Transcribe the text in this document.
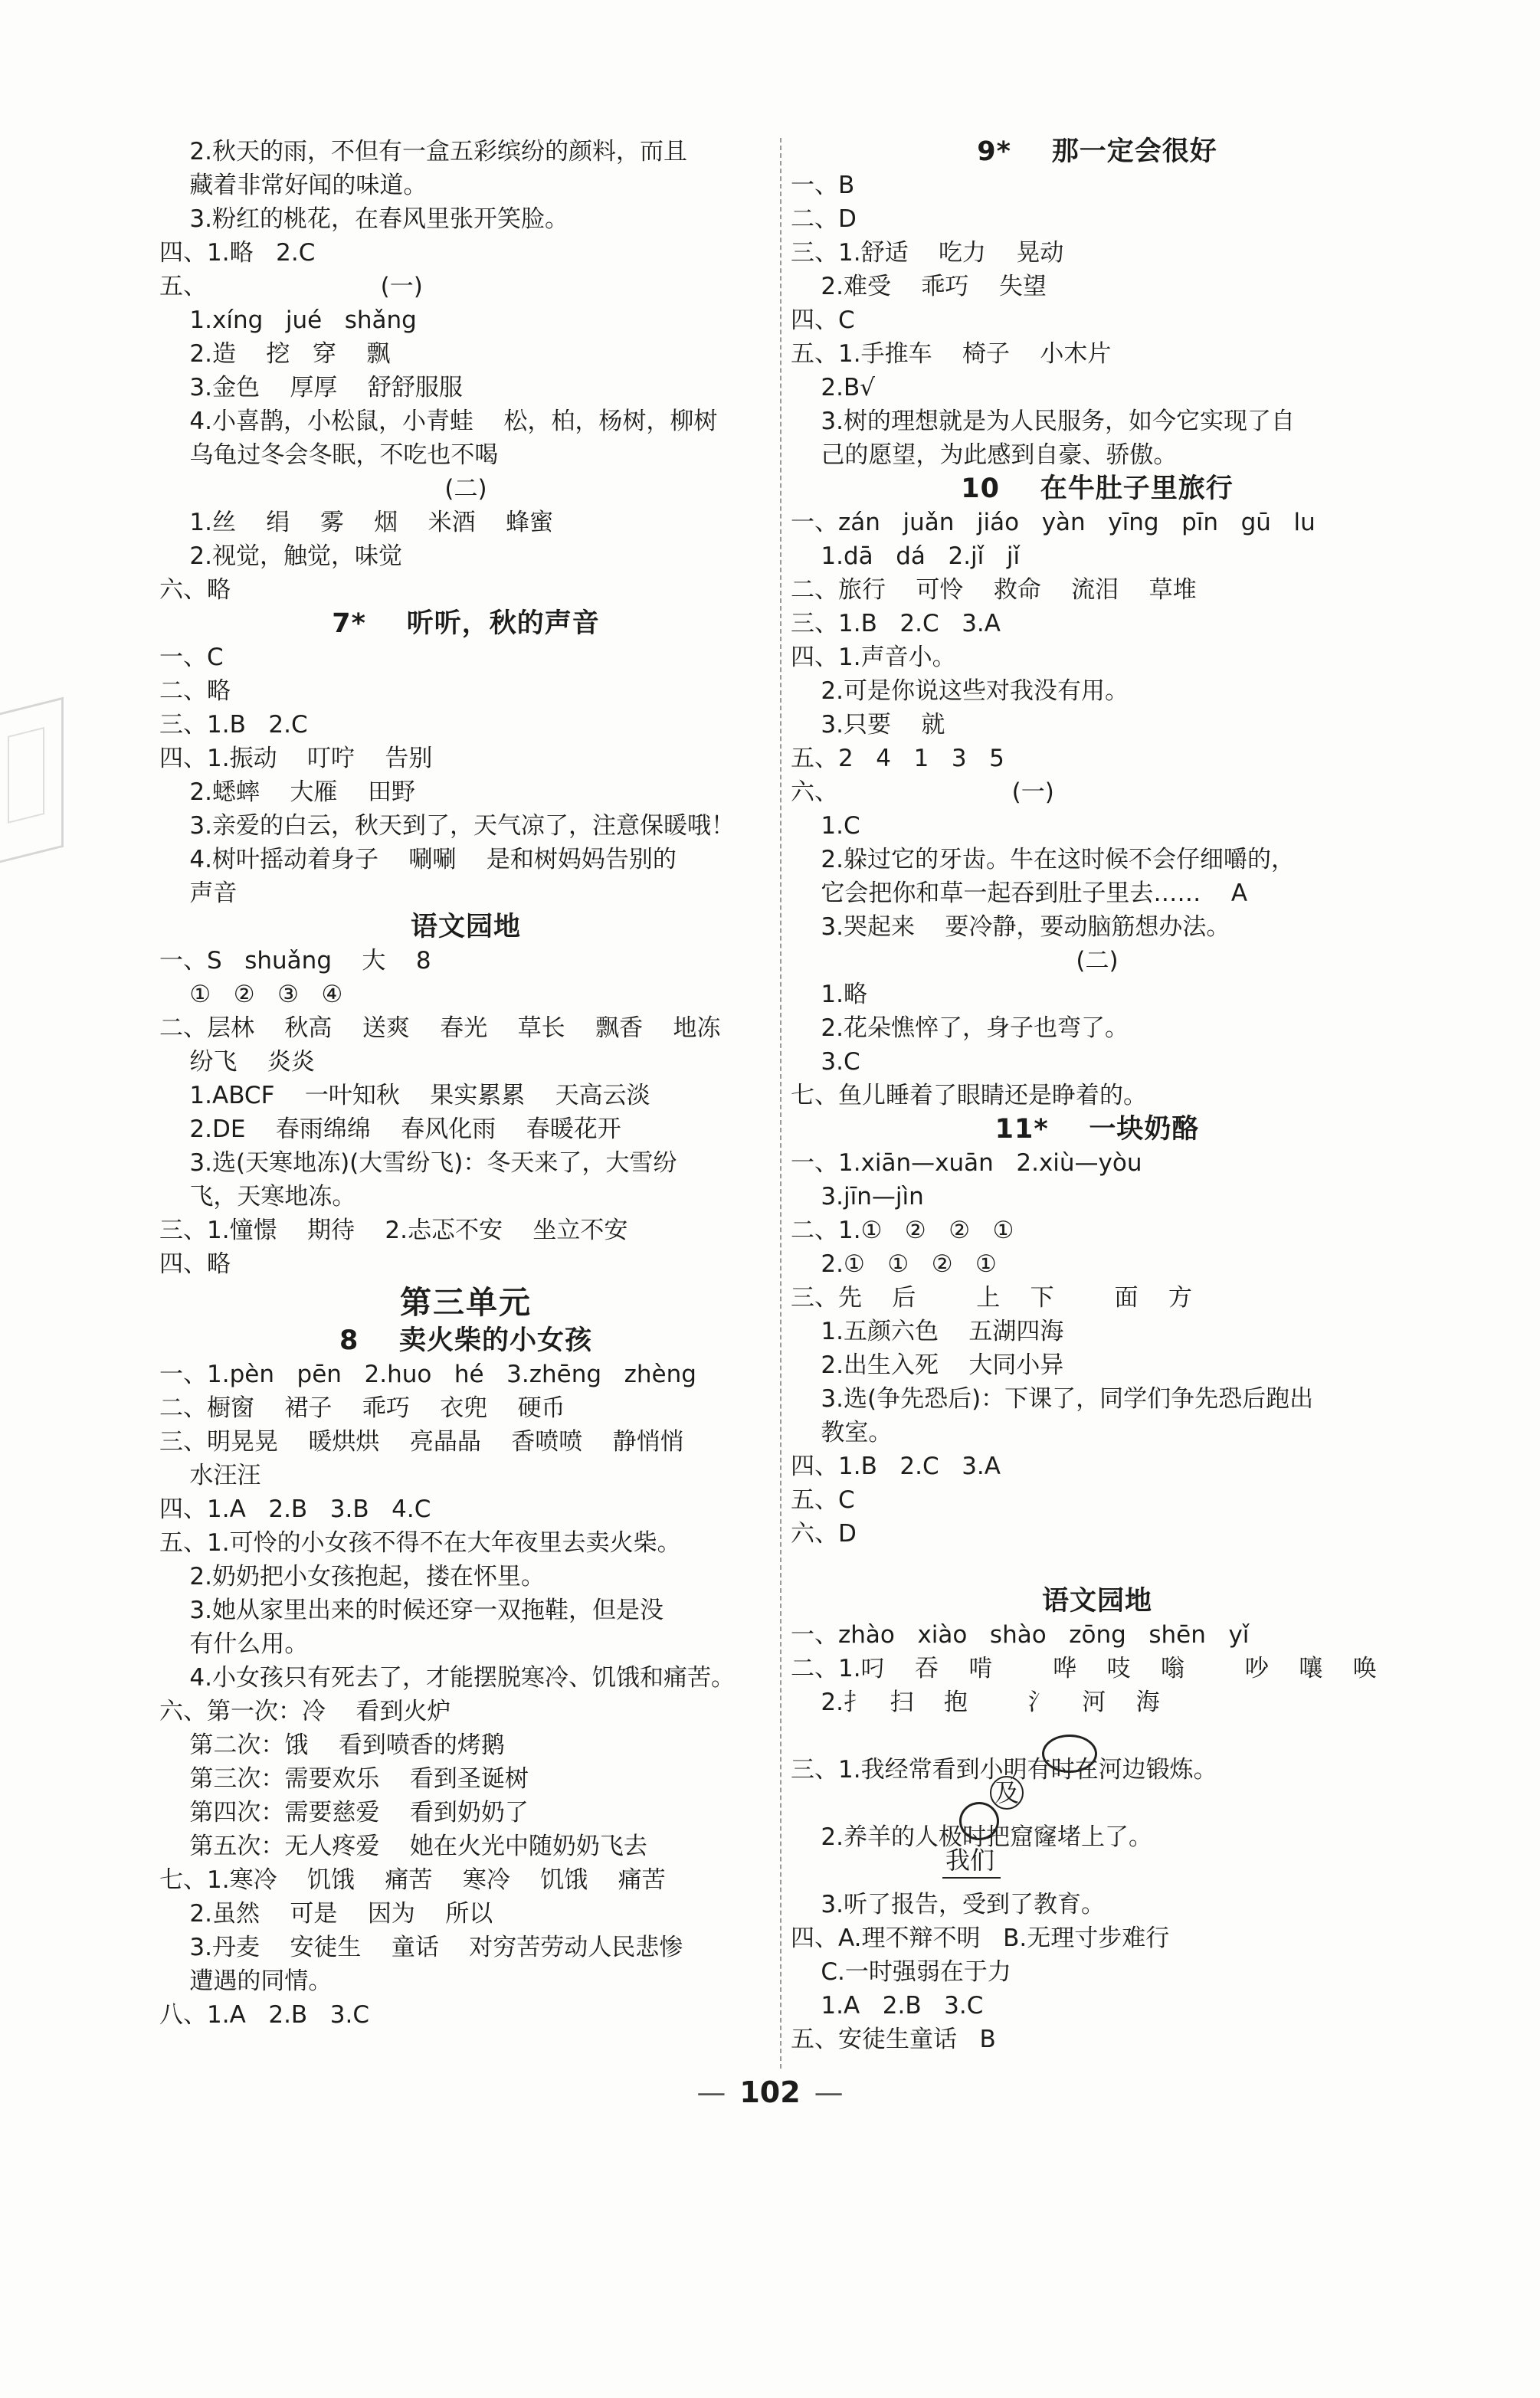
2.秋天的雨，不但有一盒五彩缤纷的颜料，而且
藏着非常好闻的味道。
3.粉红的桃花，在春风里张开笑脸。
四、1.略   2.C
五、                       (一)
1.xíng   jué   shǎng
2.造    挖   穿    飘
3.金色    厚厚    舒舒服服
4.小喜鹊，小松鼠，小青蛙    松，柏，杨树，柳树
乌龟过冬会冬眠，不吃也不喝
(二)
1.丝    绢    雾    烟    米酒    蜂蜜
2.视觉，触觉，味觉
六、略
7*    听听，秋的声音
一、C
二、略
三、1.B   2.C
四、1.振动    叮咛    告别
2.蟋蟀    大雁    田野
3.亲爱的白云，秋天到了，天气凉了，注意保暖哦！
4.树叶摇动着身子    唰唰    是和树妈妈告别的
声音
语文园地
一、S   shuǎng    大    8
①   ②   ③   ④
二、层林    秋高    送爽    春光    草长    飘香    地冻
纷飞    炎炎
1.ABCF    一叶知秋    果实累累    天高云淡
2.DE    春雨绵绵    春风化雨    春暖花开
3.选(天寒地冻)(大雪纷飞)：冬天来了，大雪纷
飞，天寒地冻。
三、1.憧憬    期待    2.忐忑不安    坐立不安
四、略
第三单元
8    卖火柴的小女孩
一、1.pèn   pēn   2.huo   hé   3.zhēng   zhèng
二、橱窗    裙子    乖巧    衣兜    硬币
三、明晃晃    暖烘烘    亮晶晶    香喷喷    静悄悄
水汪汪
四、1.A   2.B   3.B   4.C
五、1.可怜的小女孩不得不在大年夜里去卖火柴。
2.奶奶把小女孩抱起，搂在怀里。
3.她从家里出来的时候还穿一双拖鞋，但是没
有什么用。
4.小女孩只有死去了，才能摆脱寒冷、饥饿和痛苦。
六、第一次：冷    看到火炉
第二次：饿    看到喷香的烤鹅
第三次：需要欢乐    看到圣诞树
第四次：需要慈爱    看到奶奶了
第五次：无人疼爱    她在火光中随奶奶飞去
七、1.寒冷    饥饿    痛苦    寒冷    饥饿    痛苦
2.虽然    可是    因为    所以
3.丹麦    安徒生    童话    对穷苦劳动人民悲惨
遭遇的同情。
八、1.A   2.B   3.C
9*    那一定会很好
一、B
二、D
三、1.舒适    吃力    晃动
2.难受    乖巧    失望
四、C
五、1.手推车    椅子    小木片
2.B√
3.树的理想就是为人民服务，如今它实现了自
己的愿望，为此感到自豪、骄傲。
10    在牛肚子里旅行
一、zán   juǎn   jiáo   yàn   yīng   pīn   gū   lu
1.dā   dá   2.jǐ   jǐ
二、旅行    可怜    救命    流泪    草堆
三、1.B   2.C   3.A
四、1.声音小。
2.可是你说这些对我没有用。
3.只要    就
五、2   4   1   3   5
六、                       (一)
1.C
2.躲过它的牙齿。牛在这时候不会仔细嚼的，
它会把你和草一起吞到肚子里去……    A
3.哭起来    要冷静，要动脑筋想办法。
(二)
1.略
2.花朵憔悴了，身子也弯了。
3.C
七、鱼儿睡着了眼睛还是睁着的。
11*    一块奶酪
一、1.xiān—xuān   2.xiù—yòu
3.jīn—jìn
二、1.①   ②   ②   ①
2.①   ①   ②   ①
三、先    后        上    下        面    方
1.五颜六色    五湖四海
2.出生入死    大同小异
3.选(争先恐后)：下课了，同学们争先恐后跑出
教室。
四、1.B   2.C   3.A
五、C
六、D
语文园地
一、zhào   xiào   shào   zōng   shēn   yǐ
二、1.叼    吞    啃        哗    吱    嗡        吵    嚷    唤
2.扌   扫    抱        氵    河    海
三、1.我经常看到小明有时在河边锻炼。
2.养羊的人极时把窟窿堵上了。
3.听了报告，受到了教育。
四、A.理不辩不明   B.无理寸步难行
C.一时强弱在于力
1.A   2.B   3.C
五、安徒生童话   B
及
我们
— 102 —
